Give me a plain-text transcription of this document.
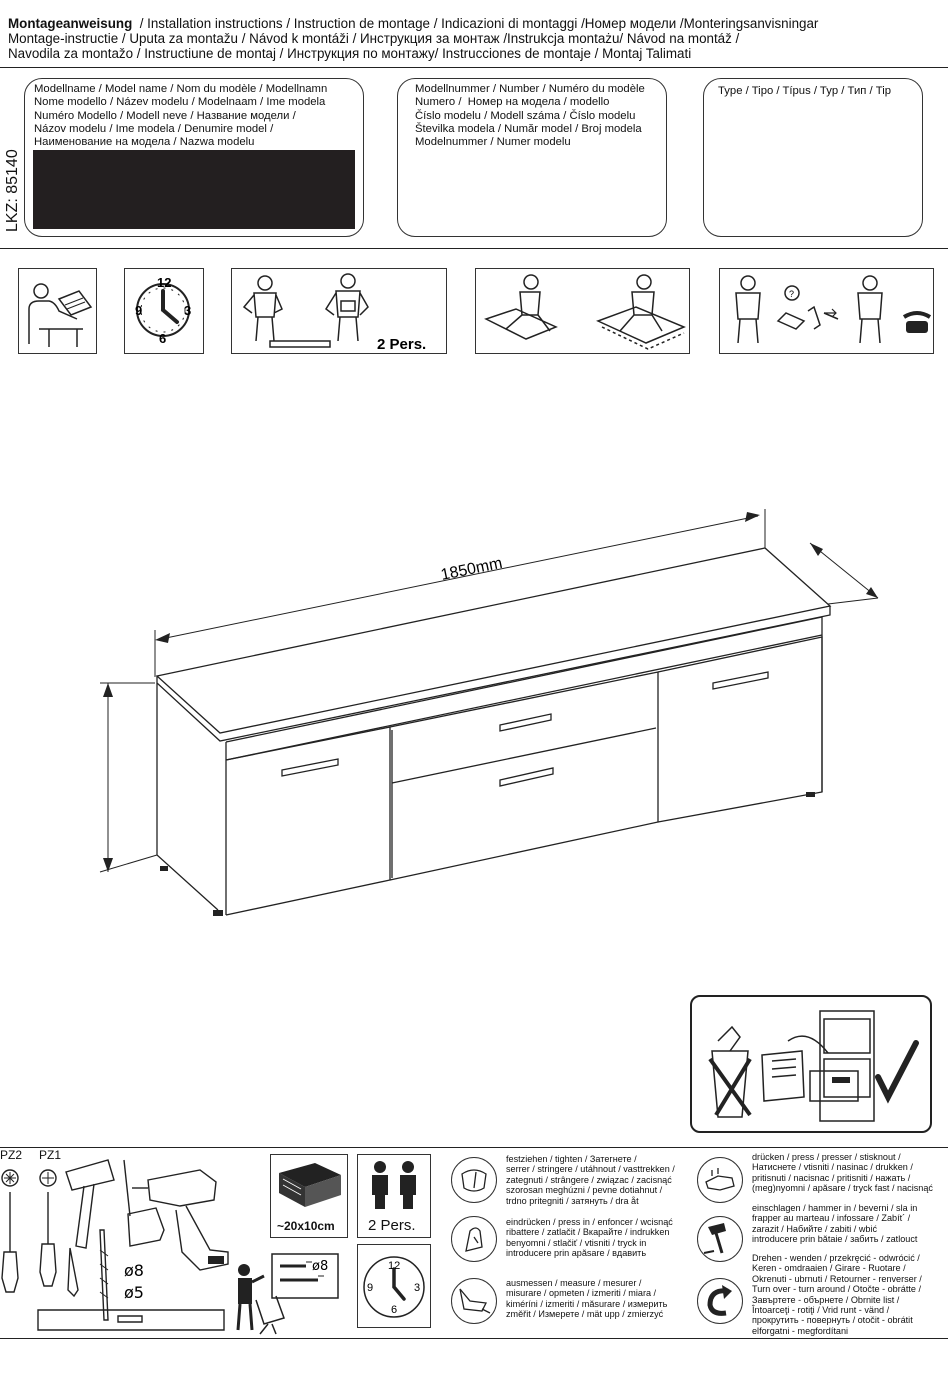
Montageanweisung  / Installation instructions / Instruction de montage / Indicazioni di montaggi /Номер модели /Monteringsanvisningar
Montage-instructie / Uputa za montažu / Návod k montáži / Инструкция за монтаж /Instrukcja montażu/ Návod na montáž /
Navodila za montažo / Instructiune de montaj / Инструкция по монтажу/ Instrucciones de montaje / Montaj Talimati
LKZ: 85140
Modellname / Model name / Nom du modèle / Modellnamn
Nome modello / Název modelu / Modelnaam / Ime modela
Numéro Modello / Modell neve / Название модели /
Názov modelu / Ime modela / Denumire model /
Наименование на модела / Nazwa modelu
Modellnummer / Number / Numéro du modèle
Numero /  Номер на модела / modello
Číslo modelu / Modell száma / Číslo modelu
Številka modela / Număr model / Broj modela
Modelnummer / Numer modelu
Type / Tipo / Típus / Typ / Тип / Tip
12
3
6
9
2 Pers.
?
1850mm
PZ2 PZ1
ø8
ø5
~20x10cm 2 Pers.
12
3
6
9
ø8
festziehen / tighten / Затегнете /
serrer / stringere / utáhnout / vasttrekken /
zategnuti / strângere / związac / zacisnąć
szorosan meghúzni / pevne dotiahnut /
trdno pritegniti / затянуть / dra åt
eindrücken / press in / enfoncer / wcisnąć
ribattere / zatlačit / Вкарайте / indrukken
benyomni / stlačiť / vtisniti / tryck in
introducere prin apăsare / вдавить
ausmessen / measure / mesurer /
misurare / opmeten / izmeriti / miara /
kiméríni / izmeriti / măsurare / измерить
změřit / Измерете / mät upp / zmierzyć
drücken / press / presser / stisknout /
Натиснете / vtisniti / nasinac / drukken /
pritisnuti / nacisnac / pritisniti / нажать /
(meg)nyomni / apăsare / tryck fast / nacisnąć
einschlagen / hammer in / beverni / sla in
frapper au marteau / infossare / Zabít´ /
zarazit / Набийте / zabiti / wbić
introducere prin bătaie / забить / zatlouct
Drehen - wenden / przekręcić - odwrócić /
Keren - omdraaien / Girare - Ruotare /
Okrenuti - ubrnuti / Retourner - renverser /
Turn over - turn around / Otočte - obrátte /
Завъртете - обърнете / Obrnite list /
Întoarceţi - rotiţi / Vrid runt - vänd /
прокрутить - повернуть / otočit - obrátit
elforgatni - megfordítani
